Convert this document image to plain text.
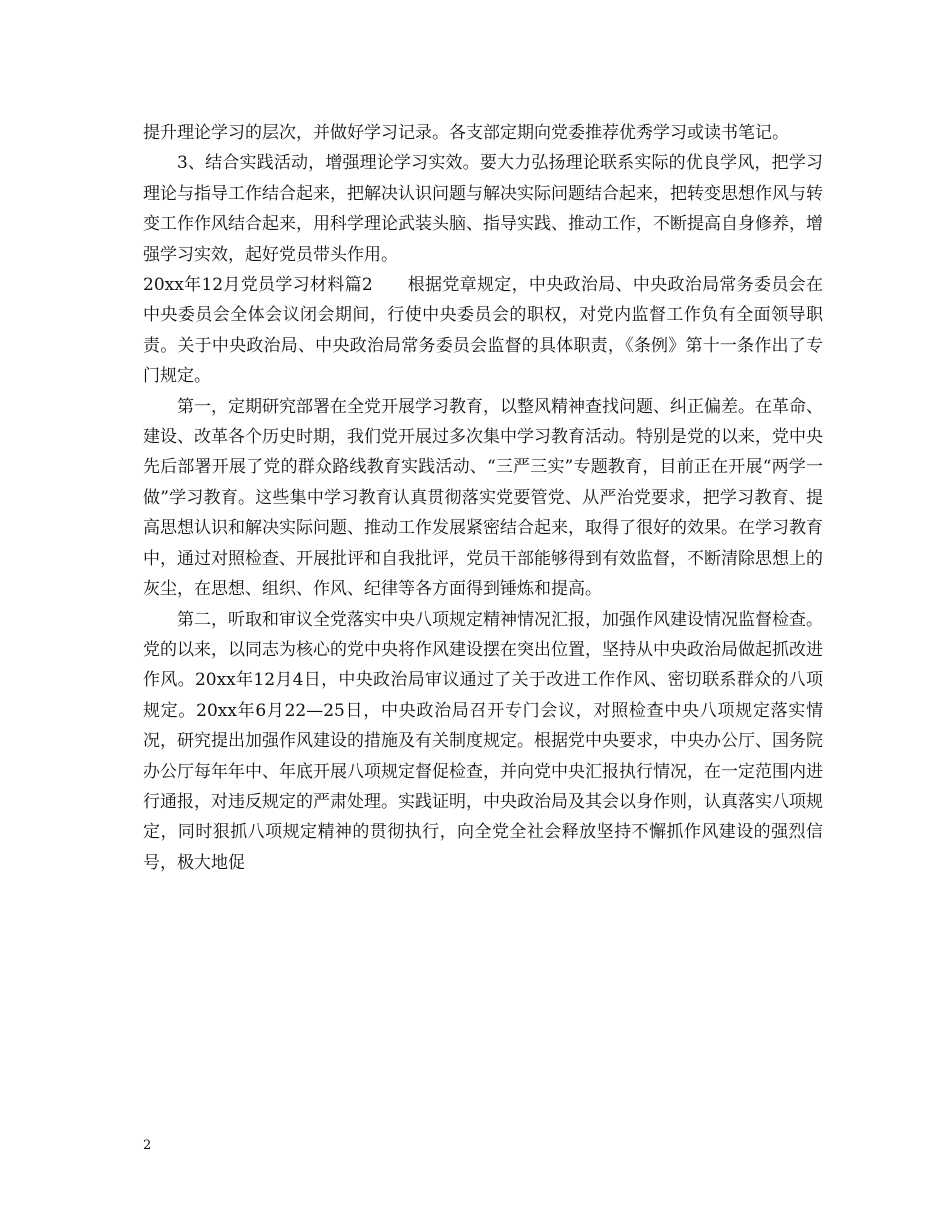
提升理论学习的层次，并做好学习记录。各支部定期向党委推荐优秀学习或读书笔记。

3、结合实践活动，增强理论学习实效。要大力弘扬理论联系实际的优良学风，把学习理论与指导工作结合起来，把解决认识问题与解决实际问题结合起来，把转变思想作风与转变工作作风结合起来，用科学理论武装头脑、指导实践、推动工作，不断提高自身修养，增强学习实效，起好党员带头作用。

20xx年12月党员学习材料篇2　　根据党章规定，中央政治局、中央政治局常务委员会在中央委员会全体会议闭会期间，行使中央委员会的职权，对党内监督工作负有全面领导职责。关于中央政治局、中央政治局常务委员会监督的具体职责，《条例》第十一条作出了专门规定。

第一，定期研究部署在全党开展学习教育，以整风精神查找问题、纠正偏差。在革命、建设、改革各个历史时期，我们党开展过多次集中学习教育活动。特别是党的以来，党中央先后部署开展了党的群众路线教育实践活动、“三严三实”专题教育，目前正在开展“两学一做”学习教育。这些集中学习教育认真贯彻落实党要管党、从严治党要求，把学习教育、提高思想认识和解决实际问题、推动工作发展紧密结合起来，取得了很好的效果。在学习教育中，通过对照检查、开展批评和自我批评，党员干部能够得到有效监督，不断清除思想上的灰尘，在思想、组织、作风、纪律等各方面得到锤炼和提高。

第二，听取和审议全党落实中央八项规定精神情况汇报，加强作风建设情况监督检查。党的以来，以同志为核心的党中央将作风建设摆在突出位置，坚持从中央政治局做起抓改进作风。20xx年12月4日，中央政治局审议通过了关于改进工作作风、密切联系群众的八项规定。20xx年6月22—25日，中央政治局召开专门会议，对照检查中央八项规定落实情况，研究提出加强作风建设的措施及有关制度规定。根据党中央要求，中央办公厅、国务院办公厅每年年中、年底开展八项规定督促检查，并向党中央汇报执行情况，在一定范围内进行通报，对违反规定的严肃处理。实践证明，中央政治局及其会以身作则，认真落实八项规定，同时狠抓八项规定精神的贯彻执行，向全党全社会释放坚持不懈抓作风建设的强烈信号，极大地促

2
